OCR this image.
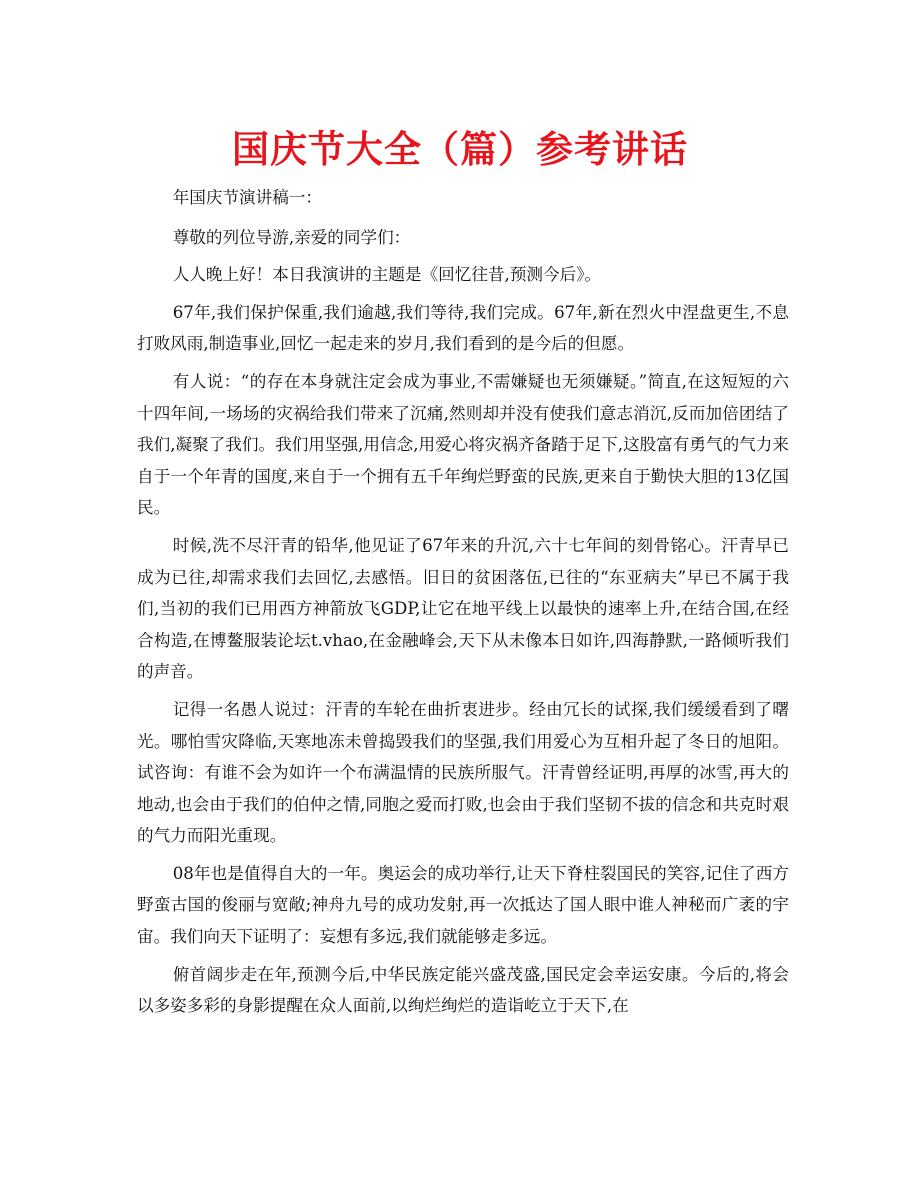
国庆节大全（篇）参考讲话

年国庆节演讲稿一：

尊敬的列位导游,亲爱的同学们：

人人晚上好！本日我演讲的主题是《回忆往昔,预测今后》。

67年,我们保护保重,我们逾越,我们等待,我们完成。67年,新在烈火中涅盘更生,不息打败风雨,制造事业,回忆一起走来的岁月,我们看到的是今后的但愿。

有人说：“的存在本身就注定会成为事业,不需嫌疑也无须嫌疑。”简直,在这短短的六十四年间,一场场的灾祸给我们带来了沉痛,然则却并没有使我们意志消沉,反而加倍团结了我们,凝聚了我们。我们用坚强,用信念,用爱心将灾祸齐备踏于足下,这股富有勇气的气力来自于一个年青的国度,来自于一个拥有五千年绚烂野蛮的民族,更来自于勤快大胆的13亿国民。

时候,洗不尽汗青的铅华,他见证了67年来的升沉,六十七年间的刻骨铭心。汗青早已成为已往,却需求我们去回忆,去感悟。旧日的贫困落伍,已往的“东亚病夫”早已不属于我们,当初的我们已用西方神箭放飞GDP,让它在地平线上以最快的速率上升,在结合国,在经合构造,在博鳌服装论坛t.vhao,在金融峰会,天下从未像本日如许,四海静默,一路倾听我们的声音。

记得一名愚人说过：汗青的车轮在曲折衷进步。经由冗长的试探,我们缓缓看到了曙光。哪怕雪灾降临,天寒地冻未曾捣毁我们的坚强,我们用爱心为互相升起了冬日的旭阳。试咨询：有谁不会为如许一个布满温情的民族所服气。汗青曾经证明,再厚的冰雪,再大的地动,也会由于我们的伯仲之情,同胞之爱而打败,也会由于我们坚韧不拔的信念和共克时艰的气力而阳光重现。

08年也是值得自大的一年。奥运会的成功举行,让天下脊柱裂国民的笑容,记住了西方野蛮古国的俊丽与宽敞;神舟九号的成功发射,再一次抵达了国人眼中谁人神秘而广袤的宇宙。我们向天下证明了：妄想有多远,我们就能够走多远。

俯首阔步走在年,预测今后,中华民族定能兴盛茂盛,国民定会幸运安康。今后的,将会以多姿多彩的身影提醒在众人面前,以绚烂绚烂的造诣屹立于天下,在
